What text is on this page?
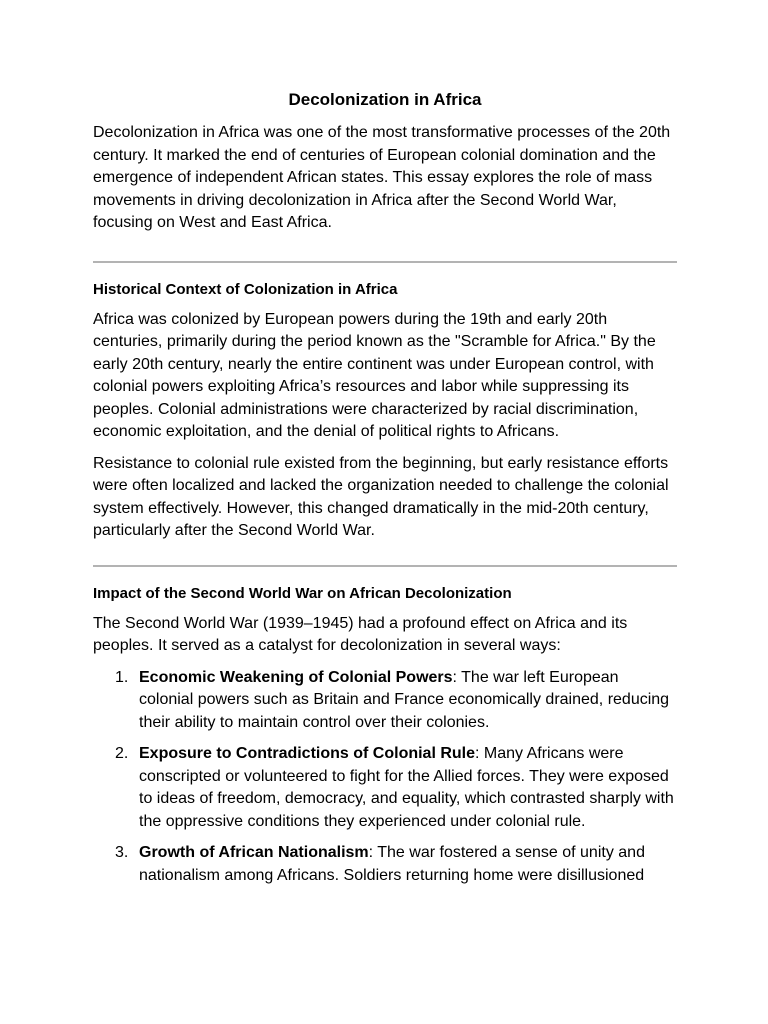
Decolonization in Africa

Decolonization in Africa was one of the most transformative processes of the 20th century. It marked the end of centuries of European colonial domination and the emergence of independent African states. This essay explores the role of mass movements in driving decolonization in Africa after the Second World War, focusing on West and East Africa.

Historical Context of Colonization in Africa

Africa was colonized by European powers during the 19th and early 20th centuries, primarily during the period known as the "Scramble for Africa." By the early 20th century, nearly the entire continent was under European control, with colonial powers exploiting Africa’s resources and labor while suppressing its peoples. Colonial administrations were characterized by racial discrimination, economic exploitation, and the denial of political rights to Africans.

Resistance to colonial rule existed from the beginning, but early resistance efforts were often localized and lacked the organization needed to challenge the colonial system effectively. However, this changed dramatically in the mid-20th century, particularly after the Second World War.

Impact of the Second World War on African Decolonization

The Second World War (1939–1945) had a profound effect on Africa and its peoples. It served as a catalyst for decolonization in several ways:

1. Economic Weakening of Colonial Powers: The war left European colonial powers such as Britain and France economically drained, reducing their ability to maintain control over their colonies.
2. Exposure to Contradictions of Colonial Rule: Many Africans were conscripted or volunteered to fight for the Allied forces. They were exposed to ideas of freedom, democracy, and equality, which contrasted sharply with the oppressive conditions they experienced under colonial rule.
3. Growth of African Nationalism: The war fostered a sense of unity and nationalism among Africans. Soldiers returning home were disillusioned
